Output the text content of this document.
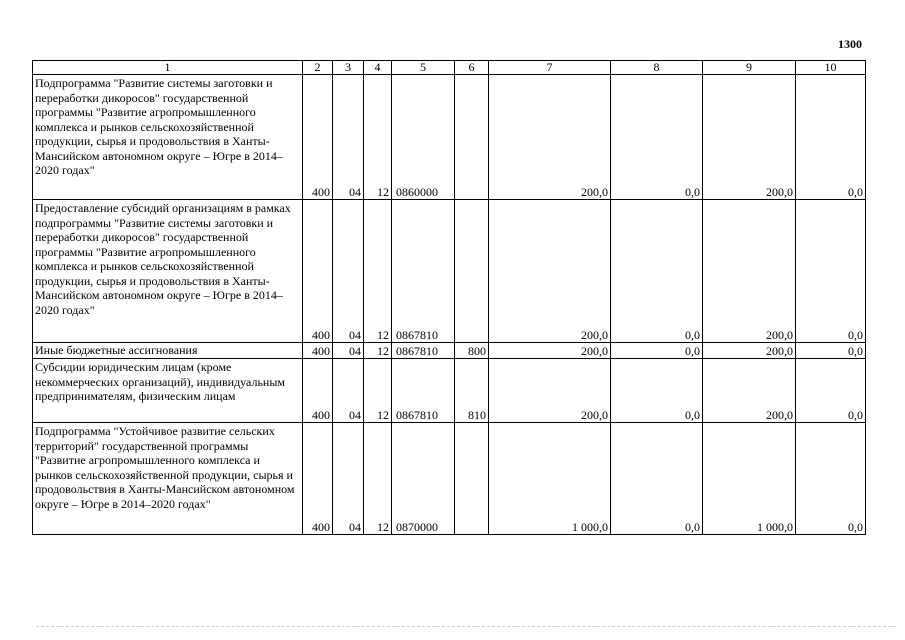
1300
1	2	3	4	5	6	7	8	9	10
Подпрограмма "Развитие системы заготовки и переработки дикоросов" государственной программы "Развитие агропромышленного комплекса и рынков сельскохозяйственной продукции, сырья и продовольствия в Ханты-Мансийском автономном округе – Югре в 2014–2020 годах"	400	04	12	0860000		200,0	0,0	200,0	0,0
Предоставление субсидий организациям в рамках подпрограммы "Развитие системы заготовки и переработки дикоросов" государственной программы "Развитие агропромышленного комплекса и рынков сельскохозяйственной продукции, сырья и продовольствия в Ханты-Мансийском автономном округе – Югре в 2014–2020 годах"	400	04	12	0867810		200,0	0,0	200,0	0,0
Иные бюджетные ассигнования	400	04	12	0867810	800	200,0	0,0	200,0	0,0
Субсидии юридическим лицам (кроме некоммерческих организаций), индивидуальным предпринимателям, физическим лицам	400	04	12	0867810	810	200,0	0,0	200,0	0,0
Подпрограмма "Устойчивое развитие сельских территорий" государственной программы "Развитие агропромышленного комплекса и рынков сельскохозяйственной продукции, сырья и продовольствия в Ханты-Мансийском автономном округе – Югре в 2014–2020 годах"	400	04	12	0870000		1 000,0	0,0	1 000,0	0,0
